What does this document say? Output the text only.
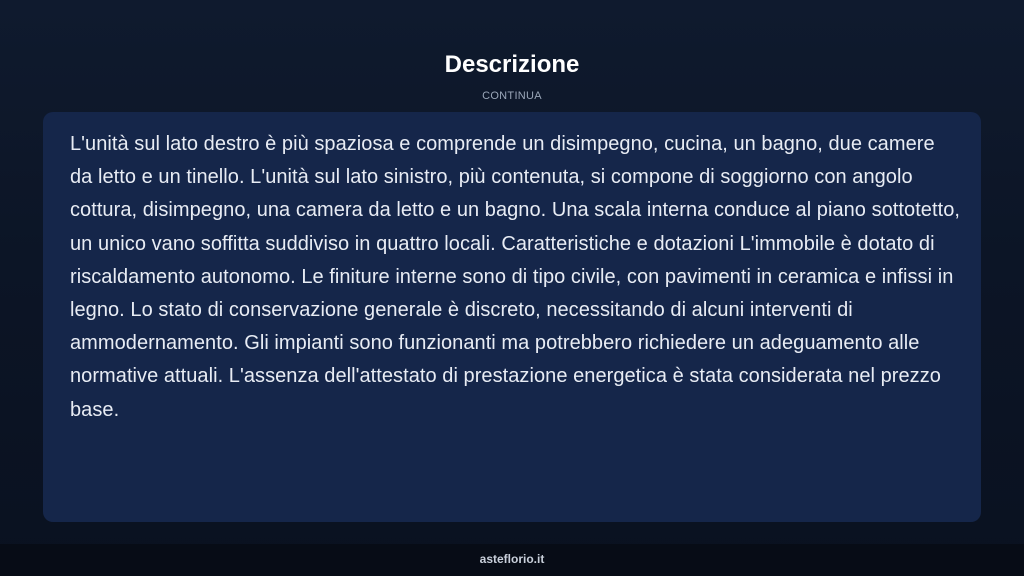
Descrizione
CONTINUA

L'unità sul lato destro è più spaziosa e comprende un disimpegno, cucina, un bagno, due camere da letto e un tinello. L'unità sul lato sinistro, più contenuta, si compone di soggiorno con angolo cottura, disimpegno, una camera da letto e un bagno. Una scala interna conduce al piano sottotetto, un unico vano soffitta suddiviso in quattro locali. Caratteristiche e dotazioni L'immobile è dotato di riscaldamento autonomo. Le finiture interne sono di tipo civile, con pavimenti in ceramica e infissi in legno. Lo stato di conservazione generale è discreto, necessitando di alcuni interventi di ammodernamento. Gli impianti sono funzionanti ma potrebbero richiedere un adeguamento alle normative attuali. L'assenza dell'attestato di prestazione energetica è stata considerata nel prezzo base.

asteflorio.it
